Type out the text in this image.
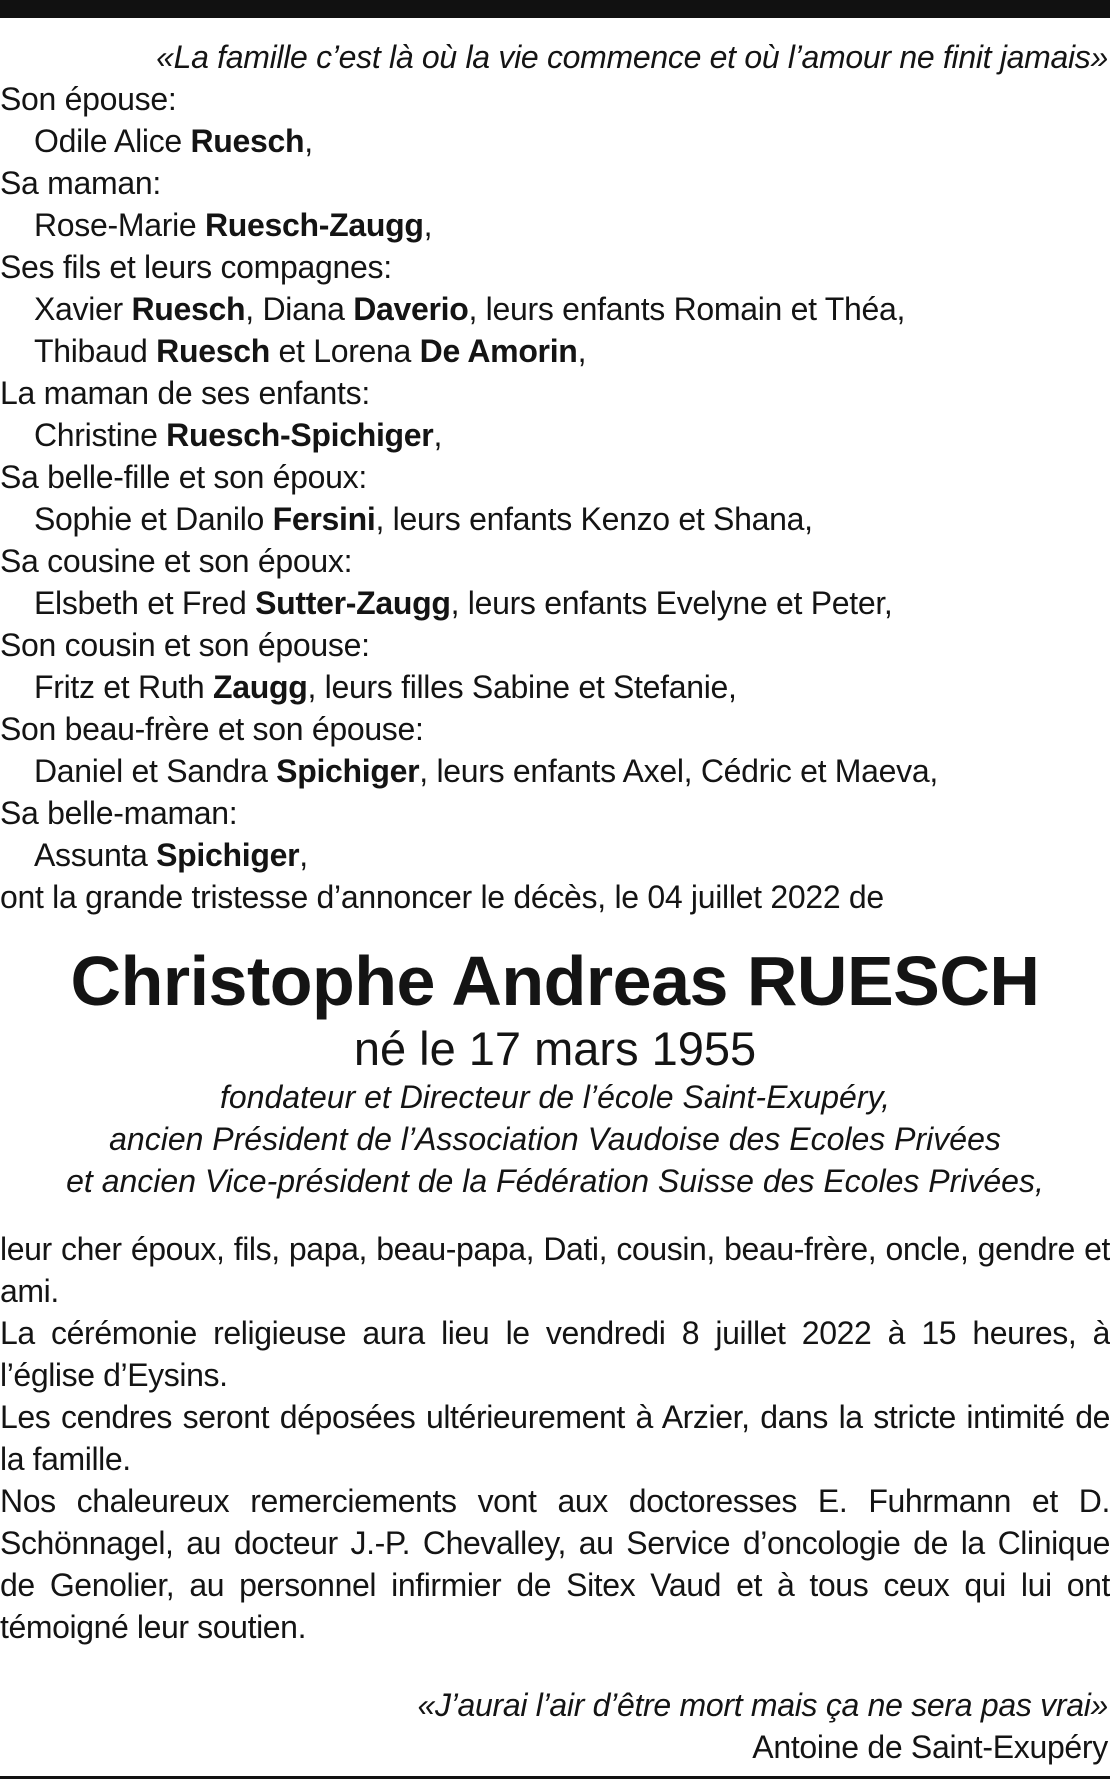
«La famille c’est là où la vie commence et où l’amour ne finit jamais»
Son épouse:
Odile Alice Ruesch,
Sa maman:
Rose-Marie Ruesch-Zaugg,
Ses fils et leurs compagnes:
Xavier Ruesch, Diana Daverio, leurs enfants Romain et Théa,
Thibaud Ruesch et Lorena De Amorin,
La maman de ses enfants:
Christine Ruesch-Spichiger,
Sa belle-fille et son époux:
Sophie et Danilo Fersini, leurs enfants Kenzo et Shana,
Sa cousine et son époux:
Elsbeth et Fred Sutter-Zaugg, leurs enfants Evelyne et Peter,
Son cousin et son épouse:
Fritz et Ruth Zaugg, leurs filles Sabine et Stefanie,
Son beau-frère et son épouse:
Daniel et Sandra Spichiger, leurs enfants Axel, Cédric et Maeva,
Sa belle-maman:
Assunta Spichiger,
ont la grande tristesse d’annoncer le décès, le 04 juillet 2022 de
Christophe Andreas RUESCH
né le 17 mars 1955
fondateur et Directeur de l’école Saint-Exupéry,
ancien Président de l’Association Vaudoise des Ecoles Privées
et ancien Vice-président de la Fédération Suisse des Ecoles Privées,
leur cher époux, fils, papa, beau-papa, Dati, cousin, beau-frère, oncle, gendre et ami.
La cérémonie religieuse aura lieu le vendredi 8 juillet 2022 à 15 heures, à l’église d’Eysins.
Les cendres seront déposées ultérieurement à Arzier, dans la stricte intimité de la famille.
Nos chaleureux remerciements vont aux doctoresses E. Fuhrmann et D. Schönnagel, au docteur J.-P. Chevalley, au Service d’oncologie de la Clinique de Genolier, au personnel infirmier de Sitex Vaud et à tous ceux qui lui ont témoigné leur soutien.
«J’aurai l’air d’être mort mais ça ne sera pas vrai»
Antoine de Saint-Exupéry
